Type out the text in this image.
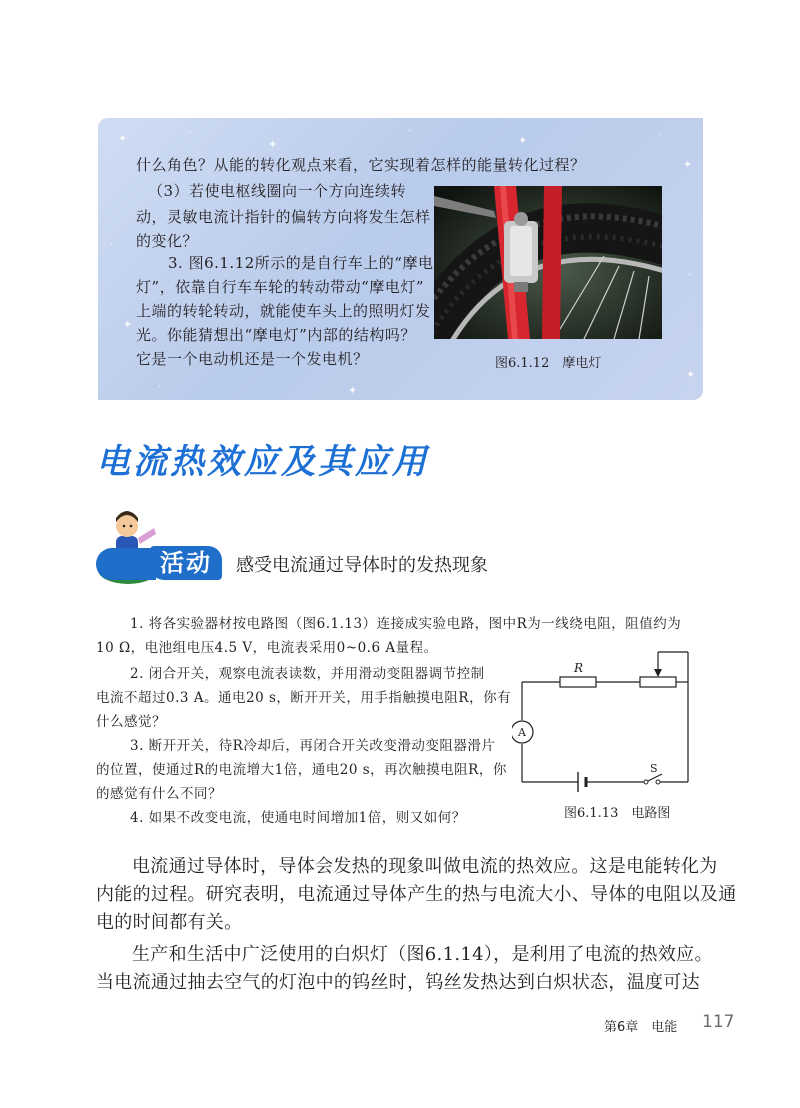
✦	·
✦
·
✦	·
✦
·
✦
·
✦
·	✦
什么角色？从能的转化观点来看，它实现着怎样的能量转化过程？
（3）若使电枢线圈向一个方向连续转
动，灵敏电流计指针的偏转方向将发生怎样
的变化？
3. 图6.1.12所示的是自行车上的“摩电
灯”，依靠自行车车轮的转动带动“摩电灯”
上端的转轮转动，就能使车头上的照明灯发
光。你能猜想出“摩电灯”内部的结构吗？
它是一个电动机还是一个发电机？	图6.1.12　摩电灯
电流热效应及其应用
活动	感受电流通过导体时的发热现象
1. 将各实验器材按电路图（图6.1.13）连接成实验电路，图中R为一线绕电阻，阻值约为
10 Ω，电池组电压4.5 V，电流表采用0~0.6 A量程。
2. 闭合开关，观察电流表读数，并用滑动变阻器调节控制
电流不超过0.3 A。通电20 s，断开开关，用手指触摸电阻R，你有
什么感觉？
3. 断开开关，待R冷却后，再闭合开关改变滑动变阻器滑片
的位置，使通过R的电流增大1倍，通电20 s，再次触摸电阻R，你
的感觉有什么不同？
4. 如果不改变电流，使通电时间增加1倍，则又如何？
R
A
S
图6.1.13　电路图
电流通过导体时，导体会发热的现象叫做电流的热效应。这是电能转化为
内能的过程。研究表明，电流通过导体产生的热与电流大小、导体的电阻以及通
电的时间都有关。
生产和生活中广泛使用的白炽灯（图6.1.14），是利用了电流的热效应。
当电流通过抽去空气的灯泡中的钨丝时，钨丝发热达到白炽状态，温度可达
第6章　电能 117
